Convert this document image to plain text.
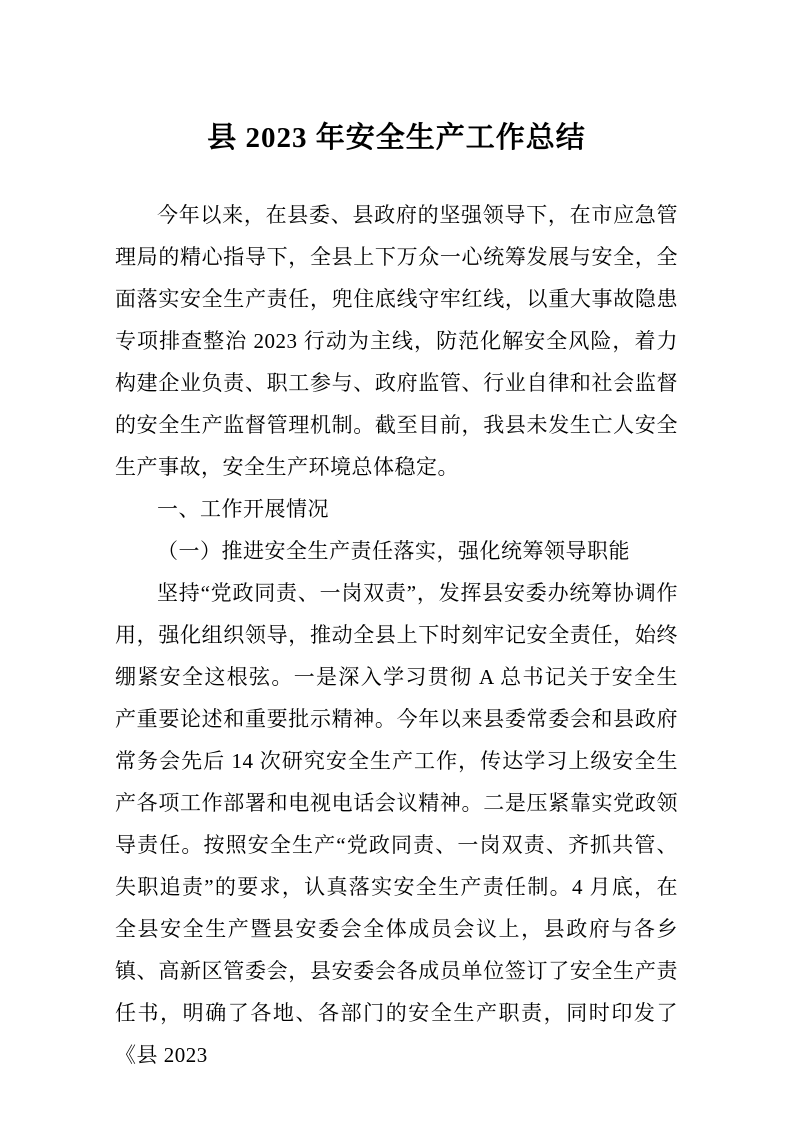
县 2023 年安全生产工作总结

今年以来，在县委、县政府的坚强领导下，在市应急管理局的精心指导下，全县上下万众一心统筹发展与安全，全面落实安全生产责任，兜住底线守牢红线，以重大事故隐患专项排查整治 2023 行动为主线，防范化解安全风险，着力构建企业负责、职工参与、政府监管、行业自律和社会监督的安全生产监督管理机制。截至目前，我县未发生亡人安全生产事故，安全生产环境总体稳定。

一、工作开展情况

（一）推进安全生产责任落实，强化统筹领导职能

坚持“党政同责、一岗双责”，发挥县安委办统筹协调作用，强化组织领导，推动全县上下时刻牢记安全责任，始终绷紧安全这根弦。一是深入学习贯彻 A 总书记关于安全生产重要论述和重要批示精神。今年以来县委常委会和县政府常务会先后 14 次研究安全生产工作，传达学习上级安全生产各项工作部署和电视电话会议精神。二是压紧靠实党政领导责任。按照安全生产“党政同责、一岗双责、齐抓共管、失职追责”的要求，认真落实安全生产责任制。4 月底，在全县安全生产暨县安委会全体成员会议上，县政府与各乡镇、高新区管委会，县安委会各成员单位签订了安全生产责任书，明确了各地、各部门的安全生产职责，同时印发了《县 2023
